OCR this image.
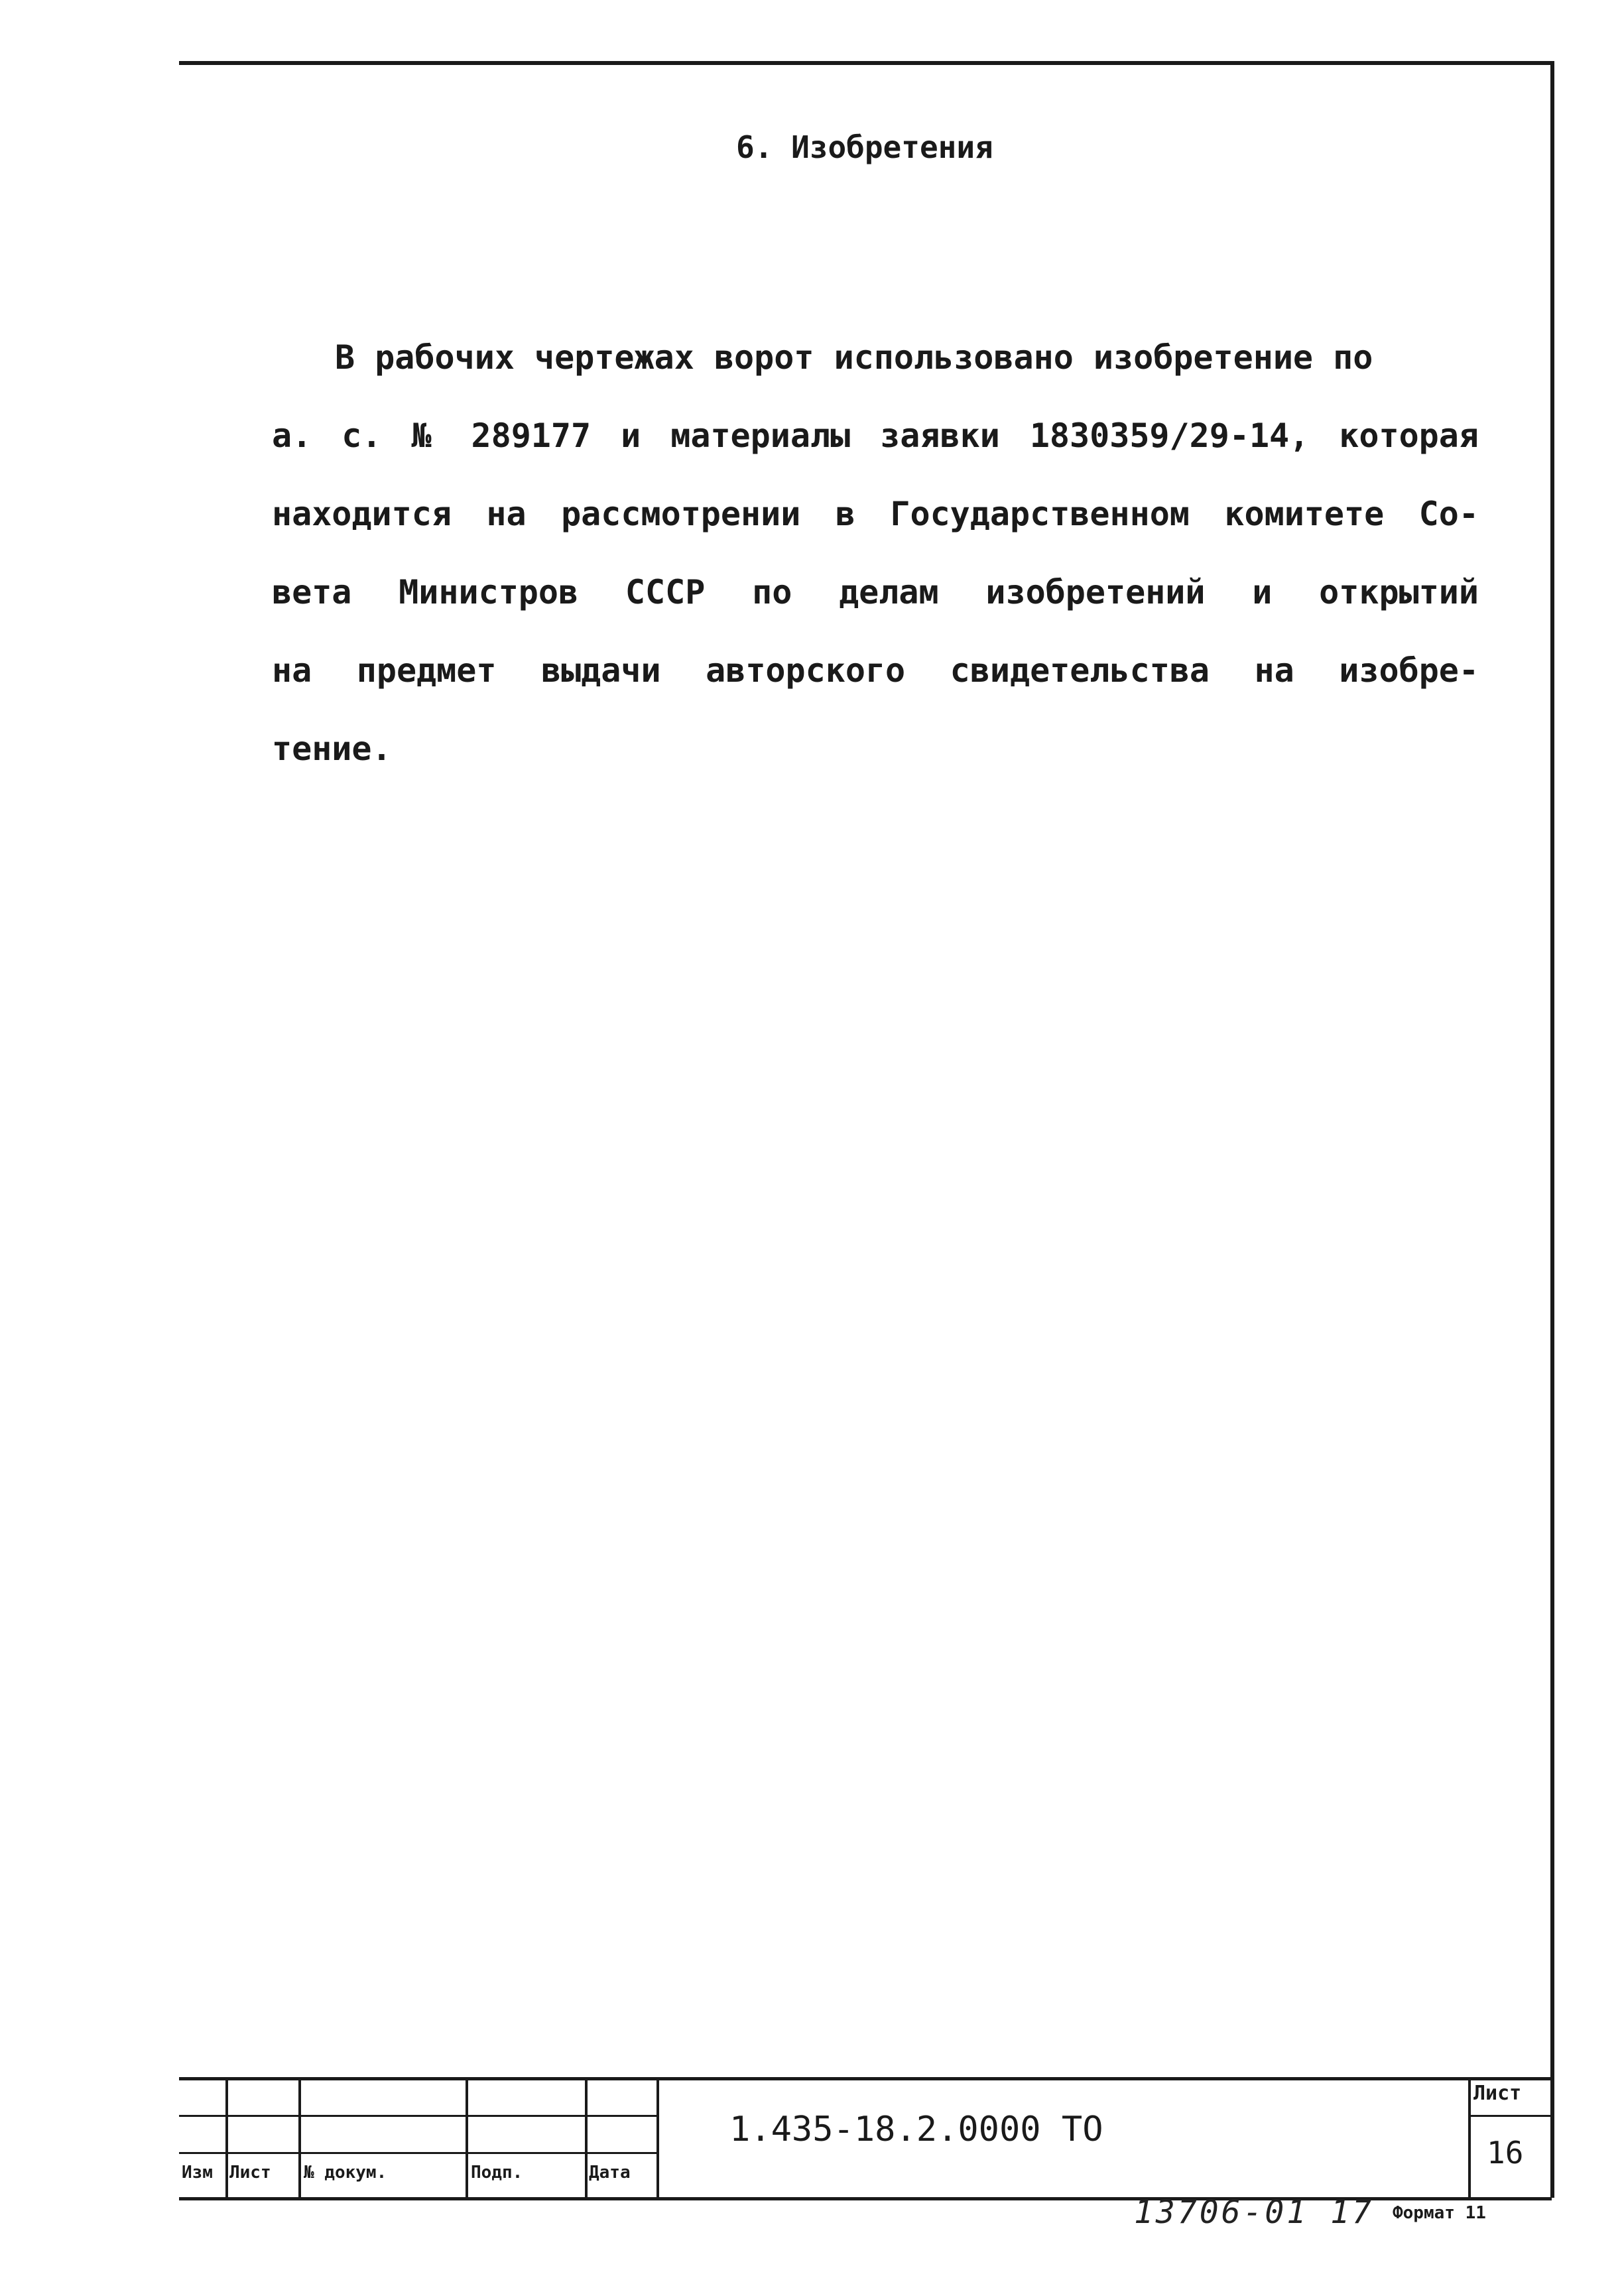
6. Изобретения
В рабочих чертежах ворот использовано изобретение по
а. с. № 289177 и материалы заявки 1830359/29-14, которая
находится на рассмотрении в Государственном комитете Со-
вета Министров СССР по делам изобретений и открытий
на предмет выдачи авторского свидетельства на изобре-
тение.
Изм Лист № докум.	Подп.	Дата
1.435-18.2.0000 ТО
Лист
16
13706-01 17 Формат 11
